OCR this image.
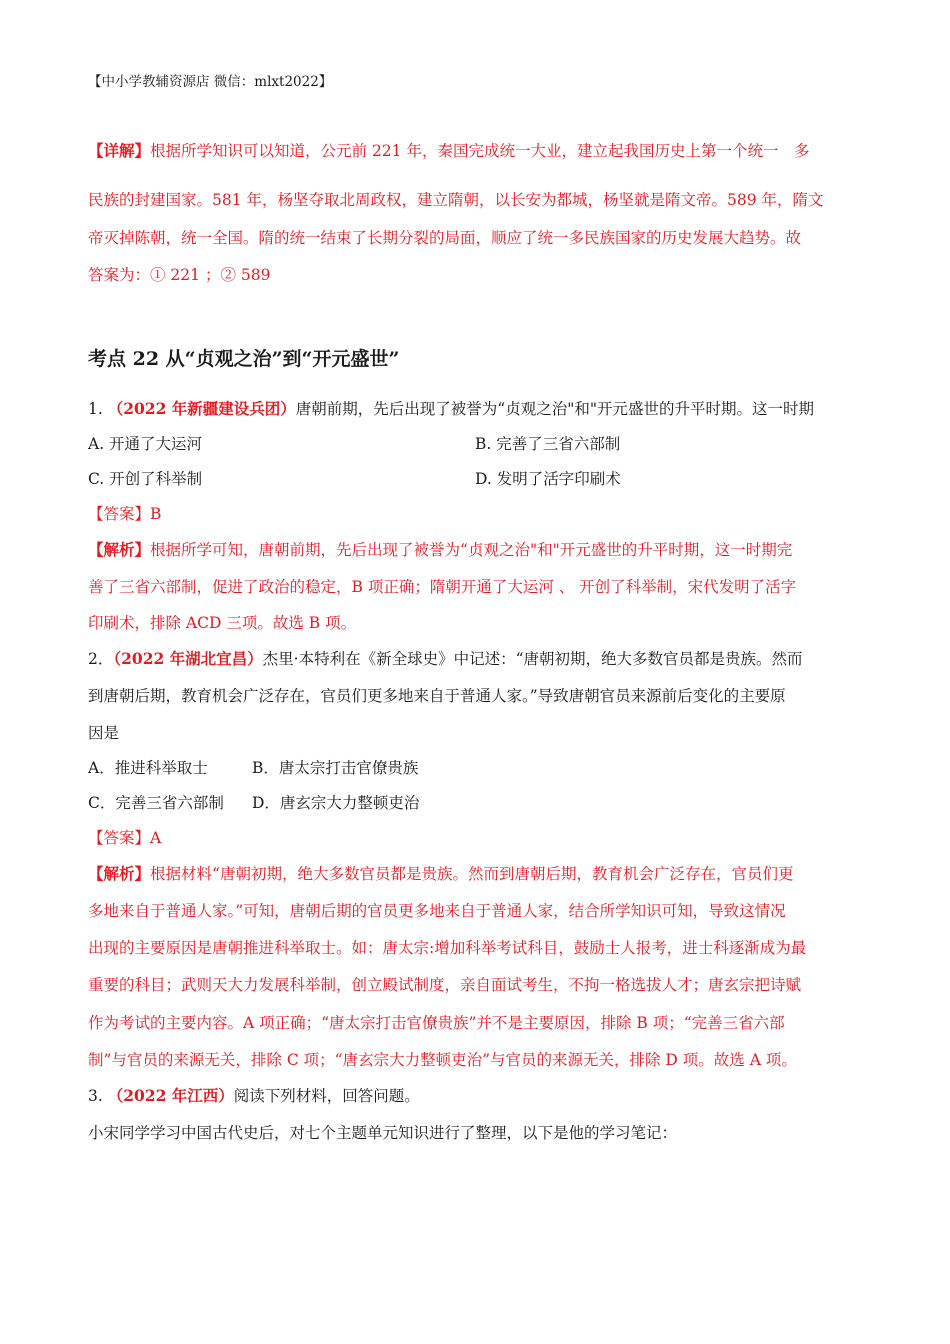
【中小学教辅资源店 微信：mlxt2022】
【详解】根据所学知识可以知道，公元前 221 年，秦国完成统一大业，建立起我国历史上第一个统一　多
民族的封建国家。581 年，杨坚夺取北周政权，建立隋朝，以长安为都城，杨坚就是隋文帝。589 年，隋文
帝灭掉陈朝，统一全国。隋的统一结束了长期分裂的局面，顺应了统一多民族国家的历史发展大趋势。故
答案为：① 221 ；② 589
考点 22 从“贞观之治”到“开元盛世”
1. （2022 年新疆建设兵团）唐朝前期，先后出现了被誉为“贞观之治"和"开元盛世的升平时期。这一时期
A. 开通了大运河	B. 完善了三省六部制
C. 开创了科举制	D. 发明了活字印刷术
【答案】B
【解析】根据所学可知，唐朝前期，先后出现了被誉为“贞观之治"和"开元盛世的升平时期，这一时期完
善了三省六部制，促进了政治的稳定，B 项正确；隋朝开通了大运河 、 开创了科举制，宋代发明了活字
印刷术，排除 ACD 三项。故选 B 项。
2．（2022 年湖北宜昌）杰里·本特利在《新全球史》中记述：“唐朝初期，绝大多数官员都是贵族。然而
到唐朝后期，教育机会广泛存在，官员们更多地来自于普通人家。”导致唐朝官员来源前后变化的主要原
因是
A．推进科举取士	B．唐太宗打击官僚贵族
C．完善三省六部制 D．唐玄宗大力整顿吏治
【答案】A
【解析】根据材料“唐朝初期，绝大多数官员都是贵族。然而到唐朝后期，教育机会广泛存在，官员们更
多地来自于普通人家。”可知，唐朝后期的官员更多地来自于普通人家，结合所学知识可知，导致这情况
出现的主要原因是唐朝推进科举取士。如：唐太宗:增加科举考试科目，鼓励士人报考，进士科逐渐成为最
重要的科目；武则天大力发展科举制，创立殿试制度，亲自面试考生，不拘一格选拔人才；唐玄宗把诗赋
作为考试的主要内容。A 项正确；“唐太宗打击官僚贵族”并不是主要原因，排除 B 项；“完善三省六部
制”与官员的来源无关，排除 C 项；“唐玄宗大力整顿吏治”与官员的来源无关，排除 D 项。故选 A 项。
3. （2022 年江西）阅读下列材料，回答问题。
小宋同学学习中国古代史后，对七个主题单元知识进行了整理，以下是他的学习笔记：
